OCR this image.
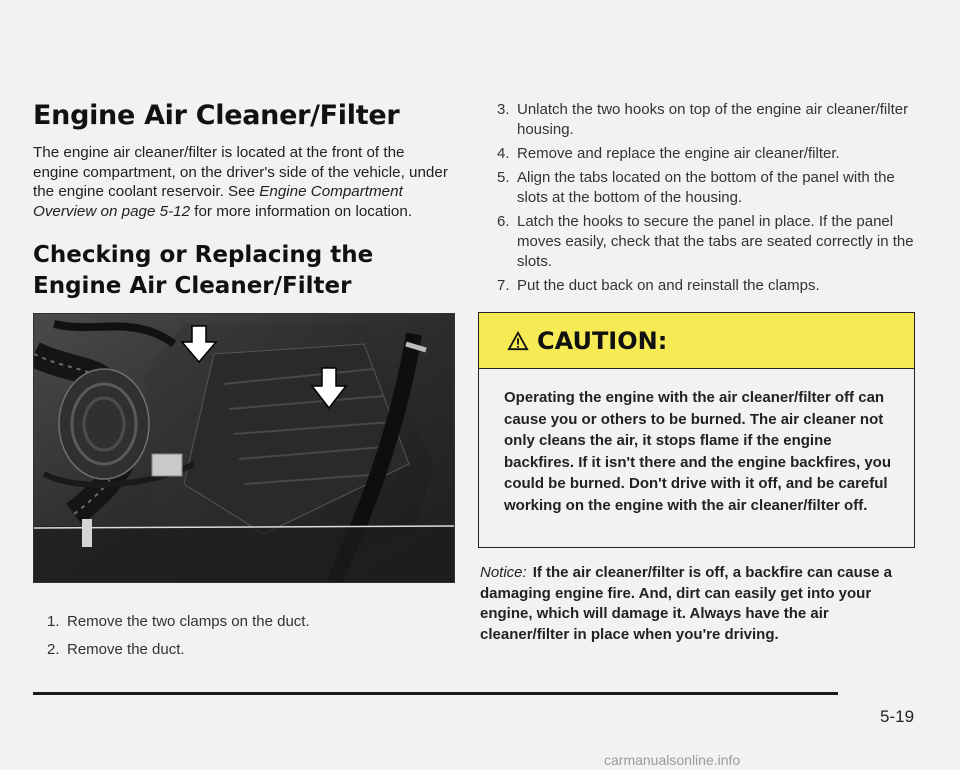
Engine Air Cleaner/Filter

The engine air cleaner/filter is located at the front of the engine compartment, on the driver's side of the vehicle, under the engine coolant reservoir. See Engine Compartment Overview on page 5-12 for more information on location.

Checking or Replacing the Engine Air Cleaner/Filter
1. Remove the two clamps on the duct.
2. Remove the duct.
3. Unlatch the two hooks on top of the engine air cleaner/filter housing.
4. Remove and replace the engine air cleaner/filter.
5. Align the tabs located on the bottom of the panel with the slots at the bottom of the housing.
6. Latch the hooks to secure the panel in place. If the panel moves easily, check that the tabs are seated correctly in the slots.
7. Put the duct back on and reinstall the clamps.
CAUTION:

Operating the engine with the air cleaner/filter off can cause you or others to be burned. The air cleaner not only cleans the air, it stops flame if the engine backfires. If it isn't there and the engine backfires, you could be burned. Don't drive with it off, and be careful working on the engine with the air cleaner/filter off.

Notice: If the air cleaner/filter is off, a backfire can cause a damaging engine fire. And, dirt can easily get into your engine, which will damage it. Always have the air cleaner/filter in place when you're driving.

5-19
carmanualsonline.info
